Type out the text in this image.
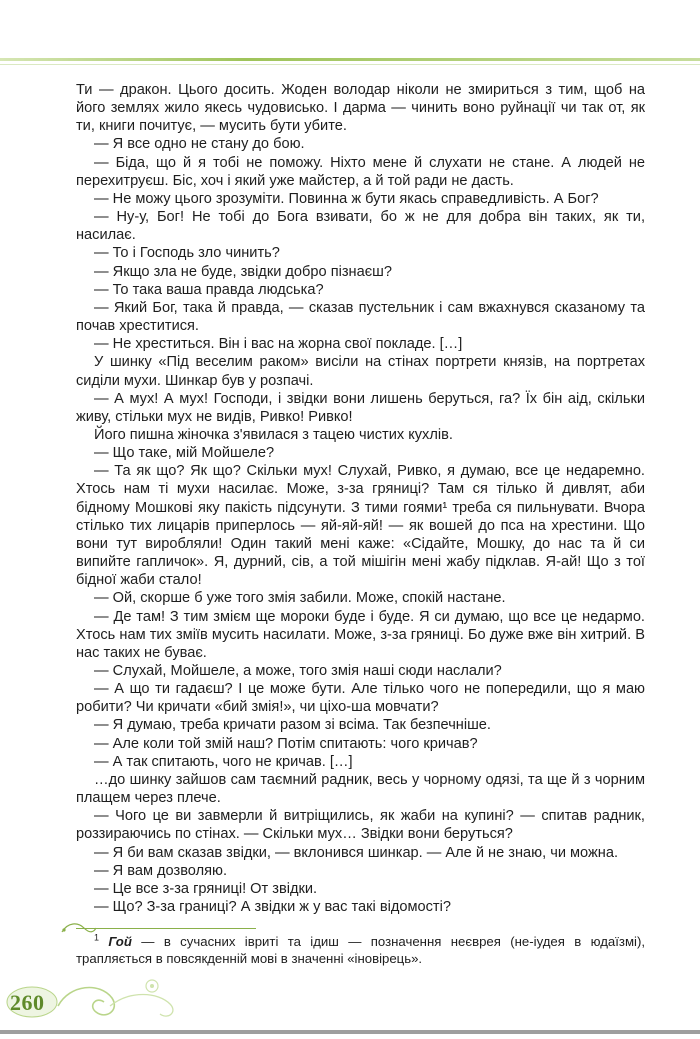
Ти — дракон. Цього досить. Жоден володар ніколи не змириться з тим, щоб на його землях жило якесь чудовисько. І дарма — чинить воно руйнації чи так от, як ти, книги почитує, — мусить бути убите.

— Я все одно не стану до бою.

— Біда, що й я тобі не поможу. Ніхто мене й слухати не стане. А людей не перехитруєш. Біс, хоч і який уже майстер, а й той ради не дасть.

— Не можу цього зрозуміти. Повинна ж бути якась справедливість. А Бог?

— Ну-у, Бог! Не тобі до Бога взивати, бо ж не для добра він таких, як ти, насилає.

— То і Господь зло чинить?

— Якщо зла не буде, звідки добро пізнаєш?

— То така ваша правда людська?

— Який Бог, така й правда, — сказав пустельник і сам вжахнувся сказаному та почав хреститися.

— Не хреститься. Він і вас на жорна свої покладе. […]

У шинку «Під веселим раком» висіли на стінах портрети князів, на портретах сиділи мухи. Шинкар був у розпачі.

— А мух! А мух! Господи, і звідки вони лишень беруться, га? Їх бін аід, скільки живу, стільки мух не видів, Ривко! Ривко!

Його пишна жіночка з'явилася з тацею чистих кухлів.

— Що таке, мій Мойшеле?

— Та як що? Як що? Скільки мух! Слухай, Ривко, я думаю, все це недаремно. Хтось нам ті мухи насилає. Може, з-за гряниці? Там ся тілько й дивлят, аби бідному Мошкові яку пакість підсунути. З тими гоями¹ треба ся пильнувати. Вчора стілько тих лицарів приперлось — яй-яй-яй! — як вошей до пса на хрестини. Що вони тут виробляли! Один такий мені каже: «Сідайте, Мошку, до нас та й си випийте гапличок». Я, дурний, сів, а той мішігін мені жабу підклав. Я-ай! Що з тої бідної жаби стало!

— Ой, скорше б уже того змія забили. Може, спокій настане.

— Де там! З тим змієм ще мороки буде і буде. Я си думаю, що все це недармо. Хтось нам тих зміїв мусить насилати. Може, з-за гряниці. Бо дуже вже він хитрий. В нас таких не буває.

— Слухай, Мойшеле, а може, того змія наші сюди наслали?

— А що ти гадаєш? І це може бути. Але тілько чого не попередили, що я маю робити? Чи кричати «бий змія!», чи ціхо-ша мовчати?

— Я думаю, треба кричати разом зі всіма. Так безпечніше.

— Але коли той змій наш? Потім спитають: чого кричав?

— А так спитають, чого не кричав. […]

…до шинку зайшов сам таємний радник, весь у чорному одязі, та ще й з чорним плащем через плече.

— Чого це ви завмерли й витріщились, як жаби на купині? — спитав радник, роззираючись по стінах. — Скільки мух… Звідки вони беруться?

— Я би вам сказав звідки, — вклонився шинкар. — Але й не знаю, чи можна.

— Я вам дозволяю.

— Це все з-за гряниці! От звідки.

— Що? З-за границі? А звідки ж у вас такі відомості?

$^1$ Гой — в сучасних івриті та ідиш — позначення неєврея (не-іудея в юдаїзмі), трапляється в повсякденній мові в значенні «іновірець».

260
